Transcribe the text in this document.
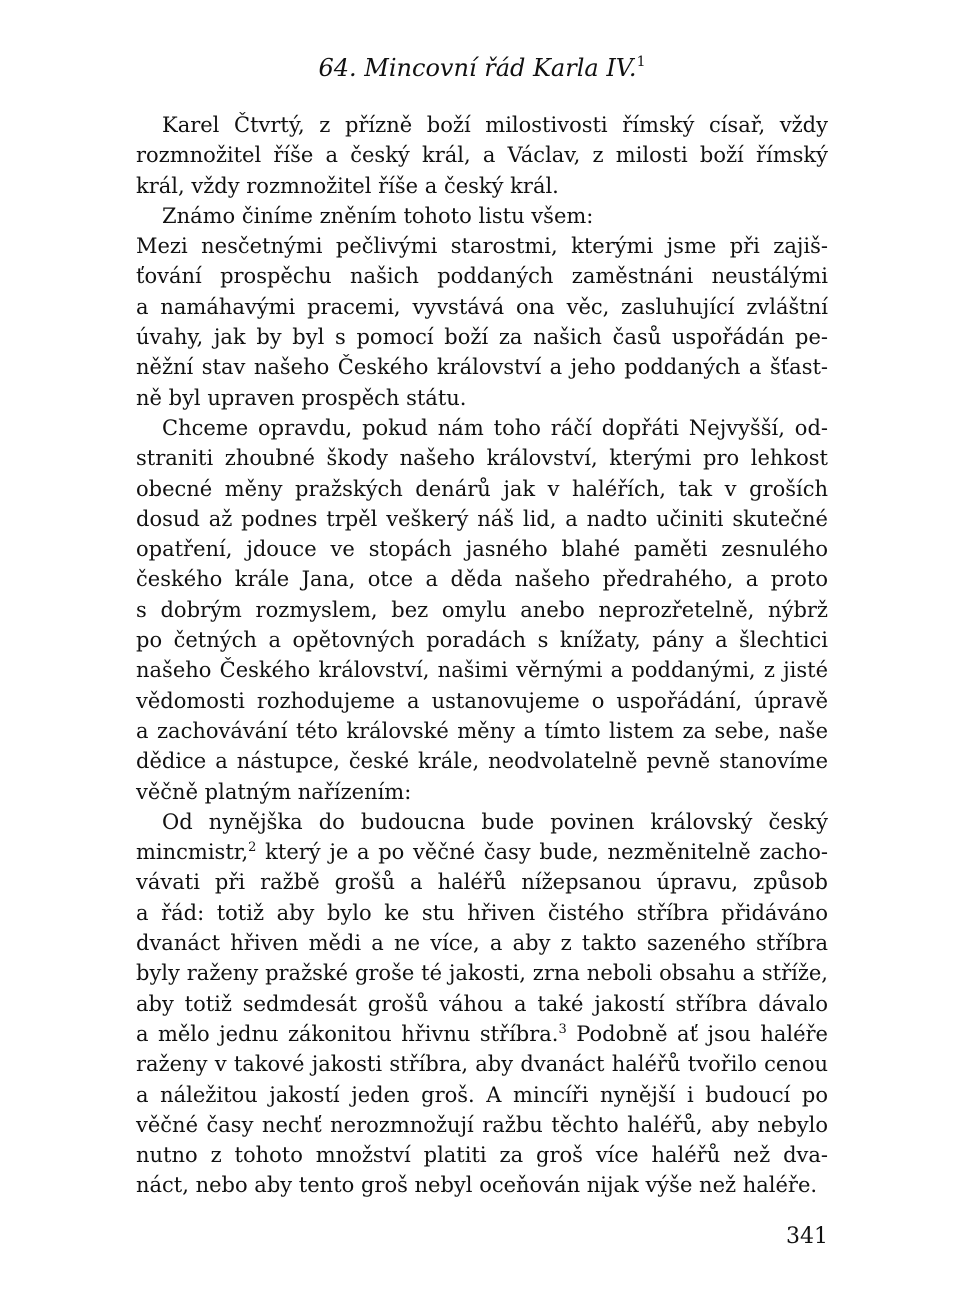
64. Mincovní řád Karla IV.$^1$
Karel Čtvrtý, z přízně boží milostivosti římský císař, vždy
rozmnožitel říše a český král, a Václav, z milosti boží římský
král, vždy rozmnožitel říše a český král.
Známo činíme zněním tohoto listu všem:
Mezi nesčetnými pečlivými starostmi, kterými jsme při zajiš-
ťování prospěchu našich poddaných zaměstnáni neustálými
a namáhavými pracemi, vyvstává ona věc, zasluhující zvláštní
úvahy, jak by byl s pomocí boží za našich časů uspořádán pe-
něžní stav našeho Českého království a jeho poddaných a šťast-
ně byl upraven prospěch státu.
Chceme opravdu, pokud nám toho ráčí dopřáti Nejvyšší, od-
straniti zhoubné škody našeho království, kterými pro lehkost
obecné měny pražských denárů jak v haléřích, tak v groších
dosud až podnes trpěl veškerý náš lid, a nadto učiniti skutečné
opatření, jdouce ve stopách jasného blahé paměti zesnulého
českého krále Jana, otce a děda našeho předrahého, a proto
s dobrým rozmyslem, bez omylu anebo neprozřetelně, nýbrž
po četných a opětovných poradách s knížaty, pány a šlechtici
našeho Českého království, našimi věrnými a poddanými, z jisté
vědomosti rozhodujeme a ustanovujeme o uspořádání, úpravě
a zachovávání této královské měny a tímto listem za sebe, naše
dědice a nástupce, české krále, neodvolatelně pevně stanovíme
věčně platným nařízením:
Od nynějška do budoucna bude povinen královský český
mincmistr,$^2$ který je a po věčné časy bude, nezměnitelně zacho-
vávati při ražbě grošů a haléřů nížepsanou úpravu, způsob
a řád: totiž aby bylo ke stu hřiven čistého stříbra přidáváno
dvanáct hřiven mědi a ne více, a aby z takto sazeného stříbra
byly raženy pražské groše té jakosti, zrna neboli obsahu a stříže,
aby totiž sedmdesát grošů váhou a také jakostí stříbra dávalo
a mělo jednu zákonitou hřivnu stříbra.$^3$ Podobně ať jsou haléře
raženy v takové jakosti stříbra, aby dvanáct haléřů tvořilo cenou
a náležitou jakostí jeden groš. A mincíři nynější i budoucí po
věčné časy nechť nerozmnožují ražbu těchto haléřů, aby nebylo
nutno z tohoto množství platiti za groš více haléřů než dva-
náct, nebo aby tento groš nebyl oceňován nijak výše než haléře.
341
